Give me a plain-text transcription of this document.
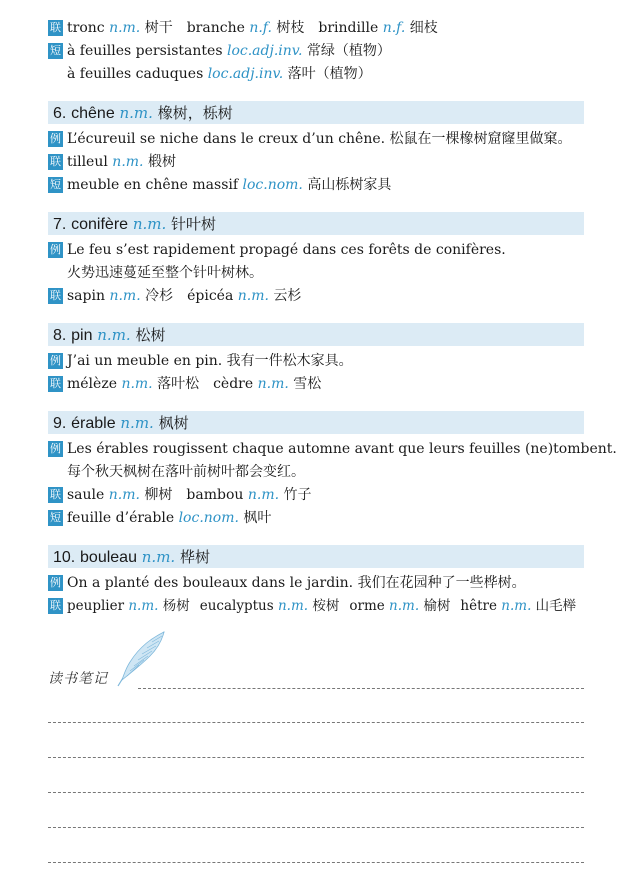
联 tronc n.m. 树干 branche n.f. 树枝 brindille n.f. 细枝
短 à feuilles persistantes loc.adj.inv. 常绿（植物）
à feuilles caduques loc.adj.inv. 落叶（植物）
6. chêne n.m. 橡树，栎树
例 L’écureuil se niche dans le creux d’un chêne. 松鼠在一棵橡树窟窿里做窠。
联 tilleul n.m. 椴树
短 meuble en chêne massif loc.nom. 高山栎树家具
7. conifère n.m. 针叶树
例 Le feu s’est rapidement propagé dans ces forêts de conifères.
火势迅速蔓延至整个针叶树林。
联 sapin n.m. 冷杉 épicéa n.m. 云杉
8. pin n.m. 松树
例 J’ai un meuble en pin. 我有一件松木家具。
联 mélèze n.m. 落叶松 cèdre n.m. 雪松
9. érable n.m. 枫树
例 Les érables rougissent chaque automne avant que leurs feuilles (ne)tombent.
每个秋天枫树在落叶前树叶都会变红。
联 saule n.m. 柳树 bambou n.m. 竹子
短 feuille d’érable loc.nom. 枫叶
10. bouleau n.m. 桦树
例 On a planté des bouleaux dans le jardin. 我们在花园种了一些桦树。
联 peuplier n.m. 杨树 eucalyptus n.m. 桉树 orme n.m. 榆树 hêtre n.m. 山毛榉
读书笔记
